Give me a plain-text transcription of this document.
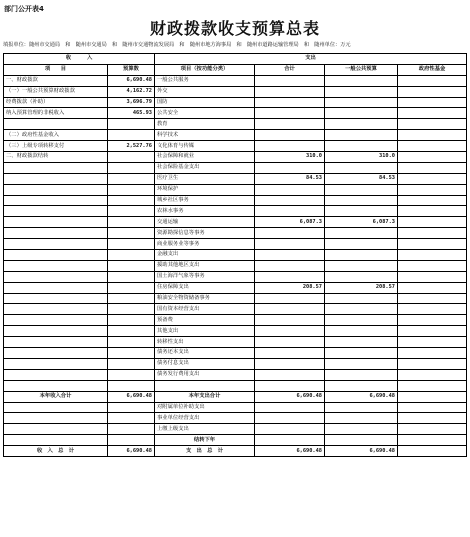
部门公开表4
财政拨款收支预算总表
填报单位：随州市交通局　和　随州市交通局　和　随州市交通物流发展局　和　随州市地方海事局　和　随州市道路运输管理局　和　随州单位：万元
收　　　入		支出			
项　　目	预算数	项目（按功能分类）	合计	一般公共预算	政府性基金
一、财政拨款	6,690.48	一般公共服务			
（一）一般公共预算财政拨款	4,162.72	外交			
经费拨款（补助）	3,696.79	国防			
纳入预算管理的非税收入	465.93	公共安全			
		教育			
（二）政府性基金收入		科学技术			
（三）上级专项转移支付	2,527.76	文化体育与传媒			
二、财政拨款结转		社会保障和就业	310.0	310.0	
		社会保险基金支出			
		医疗卫生	84.53	84.53	
		环境保护			
		城乡社区事务			
		农林水事务			
		交通运输	6,087.3	6,087.3	
		资源勘探信息等事务			
		商业服务业等事务			
		金融支出			
		援助其他地区支出			
		国土海洋气象等事务			
		住房保障支出	208.57	208.57	
		粮油安全物资储备事务			
		国有资本经营支出			
		预备费			
		其他支出			
		转移性支出			
		债务还本支出			
		债务付息支出			
		债务发行费用支出			

本年收入合计	6,690.48	本年支出合计	6,690.48	6,690.48	
		对附属单位补助支出			
		事业单位经营支出			
		上缴上级支出			
		结转下年			
收　入　总　计	6,690.48	支　出　总　计	6,690.48	6,690.48	
